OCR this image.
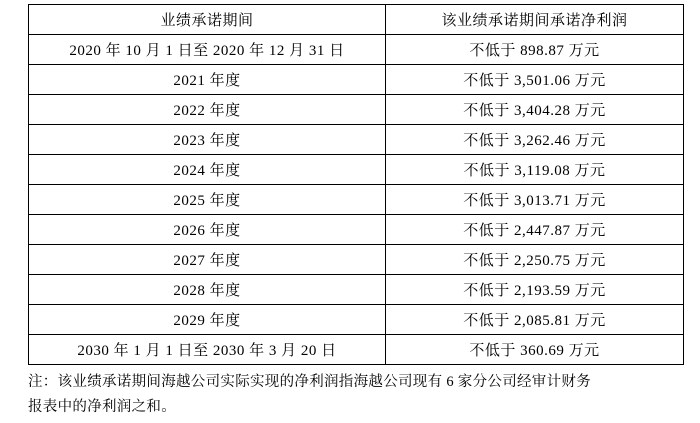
业绩承诺期间	该业绩承诺期间承诺净利润
2020 年 10 月 1 日至 2020 年 12 月 31 日	不低于 898.87 万元
2021 年度	不低于 3,501.06 万元
2022 年度	不低于 3,404.28 万元
2023 年度	不低于 3,262.46 万元
2024 年度	不低于 3,119.08 万元
2025 年度	不低于 3,013.71 万元
2026 年度	不低于 2,447.87 万元
2027 年度	不低于 2,250.75 万元
2028 年度	不低于 2,193.59 万元
2029 年度	不低于 2,085.81 万元
2030 年 1 月 1 日至 2030 年 3 月 20 日	不低于 360.69 万元
注：该业绩承诺期间海越公司实际实现的净利润指海越公司现有 6 家分公司经审计财务
报表中的净利润之和。
